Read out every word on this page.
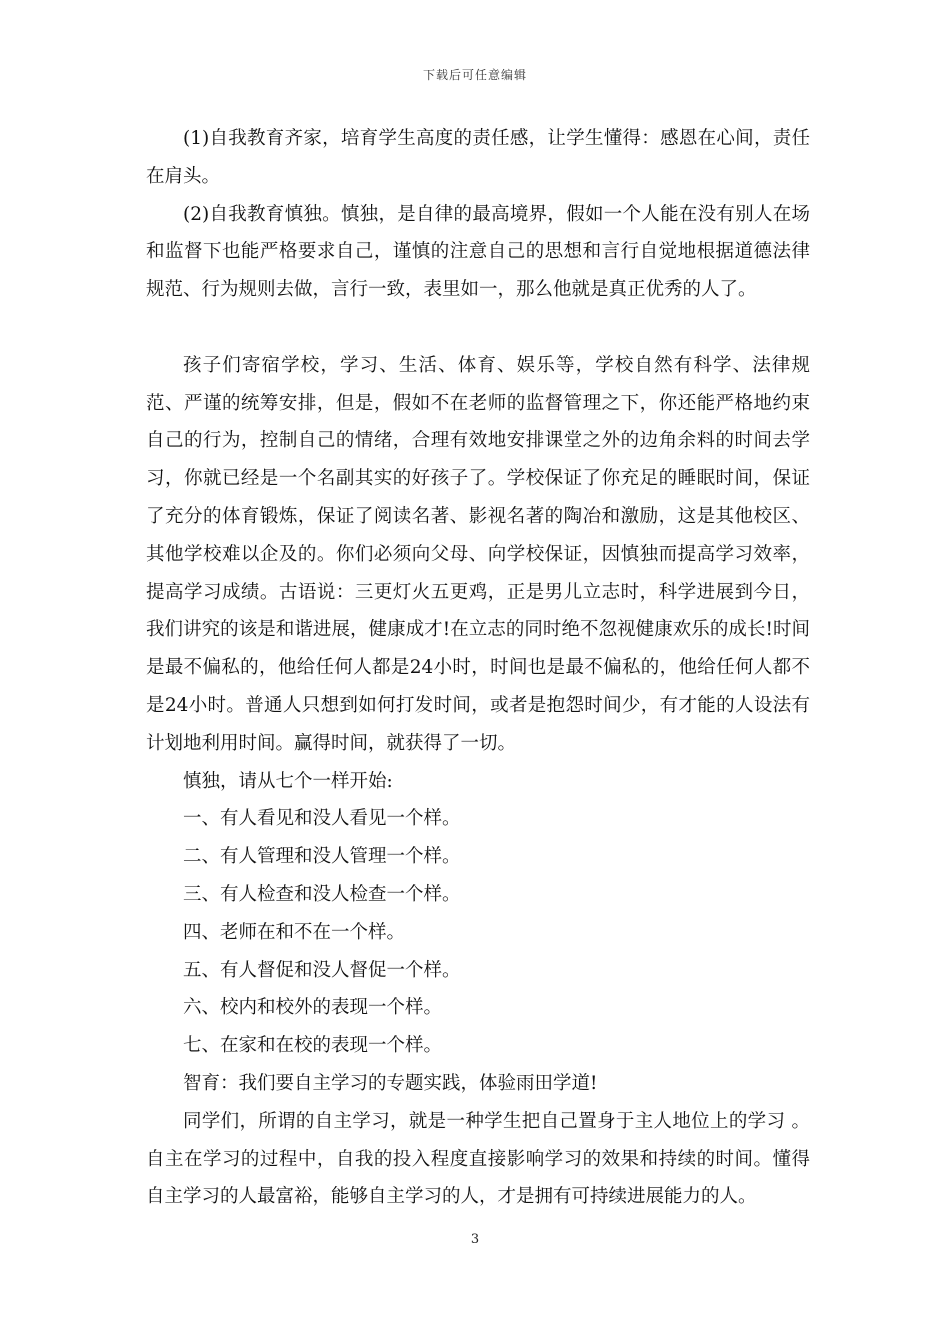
下载后可任意编辑

(1)自我教育齐家，培育学生高度的责任感，让学生懂得：感恩在心间，责任在肩头。

(2)自我教育慎独。慎独，是自律的最高境界，假如一个人能在没有别人在场和监督下也能严格要求自己，谨慎的注意自己的思想和言行自觉地根据道德法律规范、行为规则去做，言行一致，表里如一，那么他就是真正优秀的人了。

孩子们寄宿学校，学习、生活、体育、娱乐等，学校自然有科学、法律规范、严谨的统筹安排，但是，假如不在老师的监督管理之下，你还能严格地约束自己的行为，控制自己的情绪，合理有效地安排课堂之外的边角余料的时间去学习，你就已经是一个名副其实的好孩子了。学校保证了你充足的睡眠时间，保证了充分的体育锻炼，保证了阅读名著、影视名著的陶冶和激励，这是其他校区、其他学校难以企及的。你们必须向父母、向学校保证，因慎独而提高学习效率，提高学习成绩。古语说：三更灯火五更鸡，正是男儿立志时，科学进展到今日，我们讲究的该是和谐进展，健康成才!在立志的同时绝不忽视健康欢乐的成长!时间是最不偏私的，他给任何人都是24小时，时间也是最不偏私的，他给任何人都不是24小时。普通人只想到如何打发时间，或者是抱怨时间少，有才能的人设法有计划地利用时间。赢得时间，就获得了一切。

慎独，请从七个一样开始:

一、有人看见和没人看见一个样。

二、有人管理和没人管理一个样。

三、有人检查和没人检查一个样。

四、老师在和不在一个样。

五、有人督促和没人督促一个样。

六、校内和校外的表现一个样。

七、在家和在校的表现一个样。

智育：我们要自主学习的专题实践，体验雨田学道!

同学们，所谓的自主学习，就是一种学生把自己置身于主人地位上的学习 。自主在学习的过程中，自我的投入程度直接影响学习的效果和持续的时间。懂得自主学习的人最富裕，能够自主学习的人，才是拥有可持续进展能力的人。

3
